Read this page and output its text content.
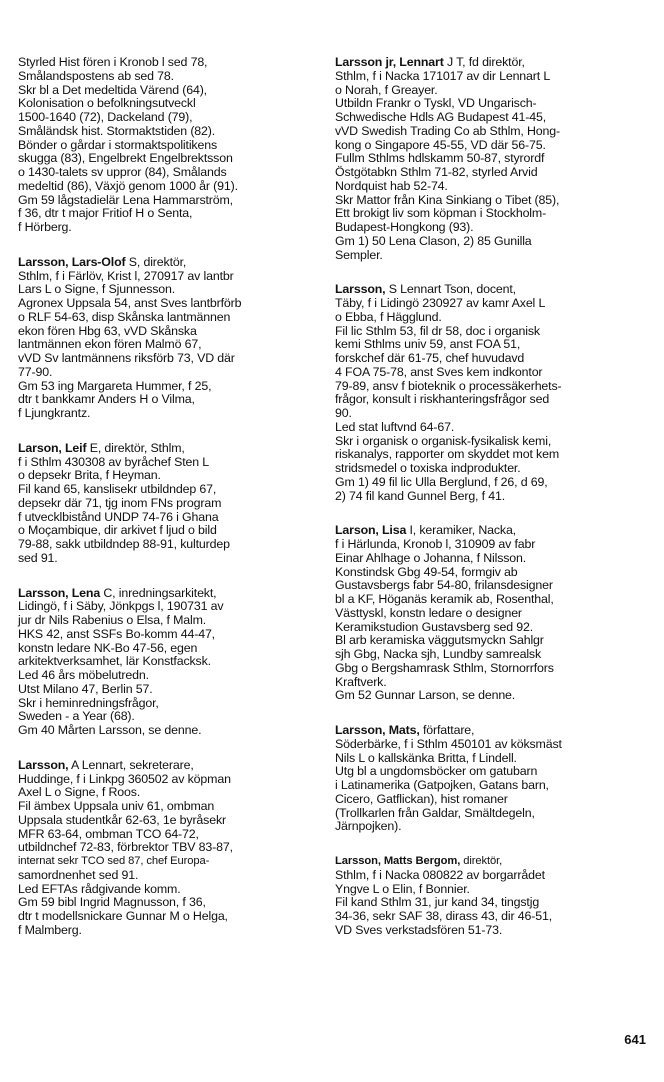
Styrled Hist fören i Kronob l sed 78,
Smålandspostens ab sed 78.
Skr bl a Det medeltida Värend (64),
Kolonisation o befolkningsutveckl
1500-1640 (72), Dackeland (79),
Småländsk hist. Stormaktstiden (82).
Bönder o gårdar i stormaktspolitikens
skugga (83), Engelbrekt Engelbrektsson
o 1430-talets sv uppror (84), Smålands
medeltid (86), Växjö genom 1000 år (91).
Gm 59 lågstadielär Lena Hammarström,
f 36, dtr t major Fritiof H o Senta,
f Hörberg.
Larsson, Lars-Olof S, direktör,
Sthlm, f i Färlöv, Krist l, 270917 av lantbr
Lars L o Signe, f Sjunnesson.
Agronex Uppsala 54, anst Sves lantbrförb
o RLF 54-63, disp Skånska lantmännen
ekon fören Hbg 63, vVD Skånska
lantmännen ekon fören Malmö 67,
vVD Sv lantmännens riksförb 73, VD där
77-90.
Gm 53 ing Margareta Hummer, f 25,
dtr t bankkamr Anders H o Vilma,
f Ljungkrantz.
Larson, Leif E, direktör, Sthlm,
f i Sthlm 430308 av byråchef Sten L
o depsekr Brita, f Heyman.
Fil kand 65, kanslisekr utbildndep 67,
depsekr där 71, tjg inom FNs program
f utvecklbistånd UNDP 74-76 i Ghana
o Moçambique, dir arkivet f ljud o bild
79-88, sakk utbildndep 88-91, kulturdep
sed 91.
Larsson, Lena C, inredningsarkitekt,
Lidingö, f i Säby, Jönkpgs l, 190731 av
jur dr Nils Rabenius o Elsa, f Malm.
HKS 42, anst SSFs Bo-komm 44-47,
konstn ledare NK-Bo 47-56, egen
arkitektverksamhet, lär Konstfacksk.
Led 46 års möbelutredn.
Utst Milano 47, Berlin 57.
Skr i heminredningsfrågor,
Sweden - a Year (68).
Gm 40 Mårten Larsson, se denne.
Larsson, A Lennart, sekreterare,
Huddinge, f i Linkpg 360502 av köpman
Axel L o Signe, f Roos.
Fil ämbex Uppsala univ 61, ombman
Uppsala studentkår 62-63, 1e byråsekr
MFR 63-64, ombman TCO 64-72,
utbildnchef 72-83, förbrektor TBV 83-87,
internat sekr TCO sed 87, chef Europa-
samordnenhet sed 91.
Led EFTAs rådgivande komm.
Gm 59 bibl Ingrid Magnusson, f 36,
dtr t modellsnickare Gunnar M o Helga,
f Malmberg.
Larsson jr, Lennart J T, fd direktör,
Sthlm, f i Nacka 171017 av dir Lennart L
o Norah, f Greayer.
Utbildn Frankr o Tyskl, VD Ungarisch-
Schwedische Hdls AG Budapest 41-45,
vVD Swedish Trading Co ab Sthlm, Hong-
kong o Singapore 45-55, VD där 56-75.
Fullm Sthlms hdlskamm 50-87, styrordf
Östgötabkn Sthlm 71-82, styrled Arvid
Nordquist hab 52-74.
Skr Mattor från Kina Sinkiang o Tibet (85),
Ett brokigt liv som köpman i Stockholm-
Budapest-Hongkong (93).
Gm 1) 50 Lena Clason, 2) 85 Gunilla
Sempler.
Larsson, S Lennart Tson, docent,
Täby, f i Lidingö 230927 av kamr Axel L
o Ebba, f Hägglund.
Fil lic Sthlm 53, fil dr 58, doc i organisk
kemi Sthlms univ 59, anst FOA 51,
forskchef där 61-75, chef huvudavd
4 FOA 75-78, anst Sves kem indkontor
79-89, ansv f bioteknik o processäkerhets-
frågor, konsult i riskhanteringsfrågor sed
90.
Led stat luftvnd 64-67.
Skr i organisk o organisk-fysikalisk kemi,
riskanalys, rapporter om skyddet mot kem
stridsmedel o toxiska indprodukter.
Gm 1) 49 fil lic Ulla Berglund, f 26, d 69,
2) 74 fil kand Gunnel Berg, f 41.
Larson, Lisa I, keramiker, Nacka,
f i Härlunda, Kronob l, 310909 av fabr
Einar Ahlhage o Johanna, f Nilsson.
Konstindsk Gbg 49-54, formgiv ab
Gustavsbergs fabr 54-80, frilansdesigner
bl a KF, Höganäs keramik ab, Rosenthal,
Västtyskl, konstn ledare o designer
Keramikstudion Gustavsberg sed 92.
Bl arb keramiska väggutsmyckn Sahlgr
sjh Gbg, Nacka sjh, Lundby samrealsk
Gbg o Bergshamrask Sthlm, Stornorrfors
Kraftverk.
Gm 52 Gunnar Larson, se denne.
Larsson, Mats, författare,
Söderbärke, f i Sthlm 450101 av köksmäst
Nils L o kallskänka Britta, f Lindell.
Utg bl a ungdomsböcker om gatubarn
i Latinamerika (Gatpojken, Gatans barn,
Cicero, Gatflickan), hist romaner
(Trollkarlen från Galdar, Smältdegeln,
Järnpojken).
Larsson, Matts Bergom, direktör,
Sthlm, f i Nacka 080822 av borgarrådet
Yngve L o Elin, f Bonnier.
Fil kand Sthlm 31, jur kand 34, tingstjg
34-36, sekr SAF 38, dirass 43, dir 46-51,
VD Sves verkstadsfören 51-73.
641
